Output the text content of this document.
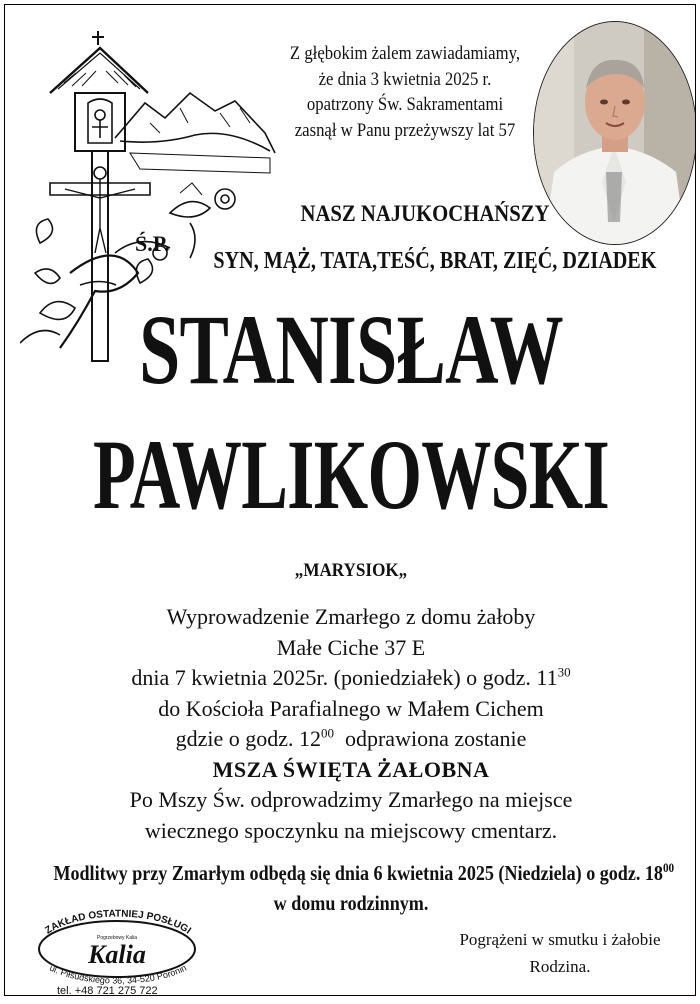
Z głębokim żalem zawiadamiamy,
że dnia 3 kwietnia 2025 r.
opatrzony Św. Sakramentami
zasnął w Panu przeżywszy lat 57
Ś.P.
NASZ NAJUKOCHAŃSZY
SYN, MĄŻ, TATA,TEŚĆ, BRAT, ZIĘĆ, DZIADEK
STANISŁAW
PAWLIKOWSKI
„MARYSIOK„
Wyprowadzenie Zmarłego z domu żałoby
Małe Ciche 37 E
dnia 7 kwietnia 2025r. (poniedziałek) o godz. $11^{30}$
do Kościoła Parafialnego w Małem Cichem
gdzie o godz. $12^{00}$  odprawiona zostanie
MSZA ŚWIĘTA ŻAŁOBNA
Po Mszy Św. odprowadzimy Zmarłego na miejsce
wiecznego spoczynku na miejscowy cmentarz.
Modlitwy przy Zmarłym odbędą się dnia 6 kwietnia 2025 (Niedziela) o godz. $18^{00}$
w domu rodzinnym.
Pogrążeni w smutku i żałobie
Rodzina.
ZAKŁAD OSTATNIEJ POSŁUGI
Pogrzebowy Kalia
Kalia
ul. Piłsudskiego 36, 34-520 Poronin
tel. +48 721 275 722
